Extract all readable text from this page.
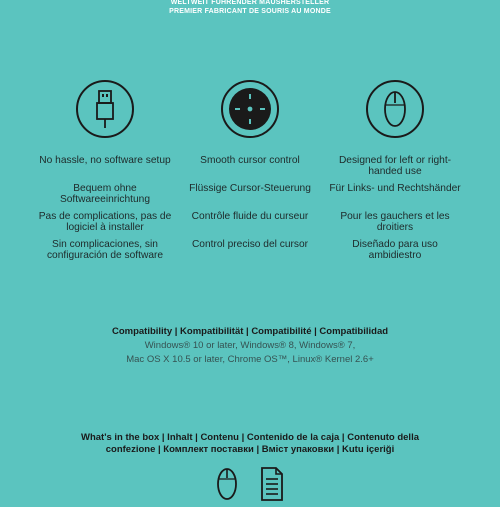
WELTWEIT FÜHRENDER MAUSHERSTELLER
PREMIER FABRICANT DE SOURIS AU MONDE
No hassle, no software setup
Bequem ohne Softwareeinrichtung
Pas de complications, pas de logiciel à installer
Sin complicaciones, sin configuración de software
Smooth cursor control
Flüssige Cursor-Steuerung
Contrôle fluide du curseur
Control preciso del cursor
Designed for left or right-handed use
Für Links- und Rechtshänder
Pour les gauchers et les droitiers
Diseñado para uso ambidiestro
Compatibility | Kompatibilität | Compatibilité | Compatibilidad
Windows® 10 or later, Windows® 8, Windows® 7,
Mac OS X 10.5 or later, Chrome OS™, Linux® Kernel 2.6+
What's in the box | Inhalt | Contenu | Contenido de la caja | Contenuto della confezione | Комплект поставки | Вміст упаковки | Kutu içeriği
